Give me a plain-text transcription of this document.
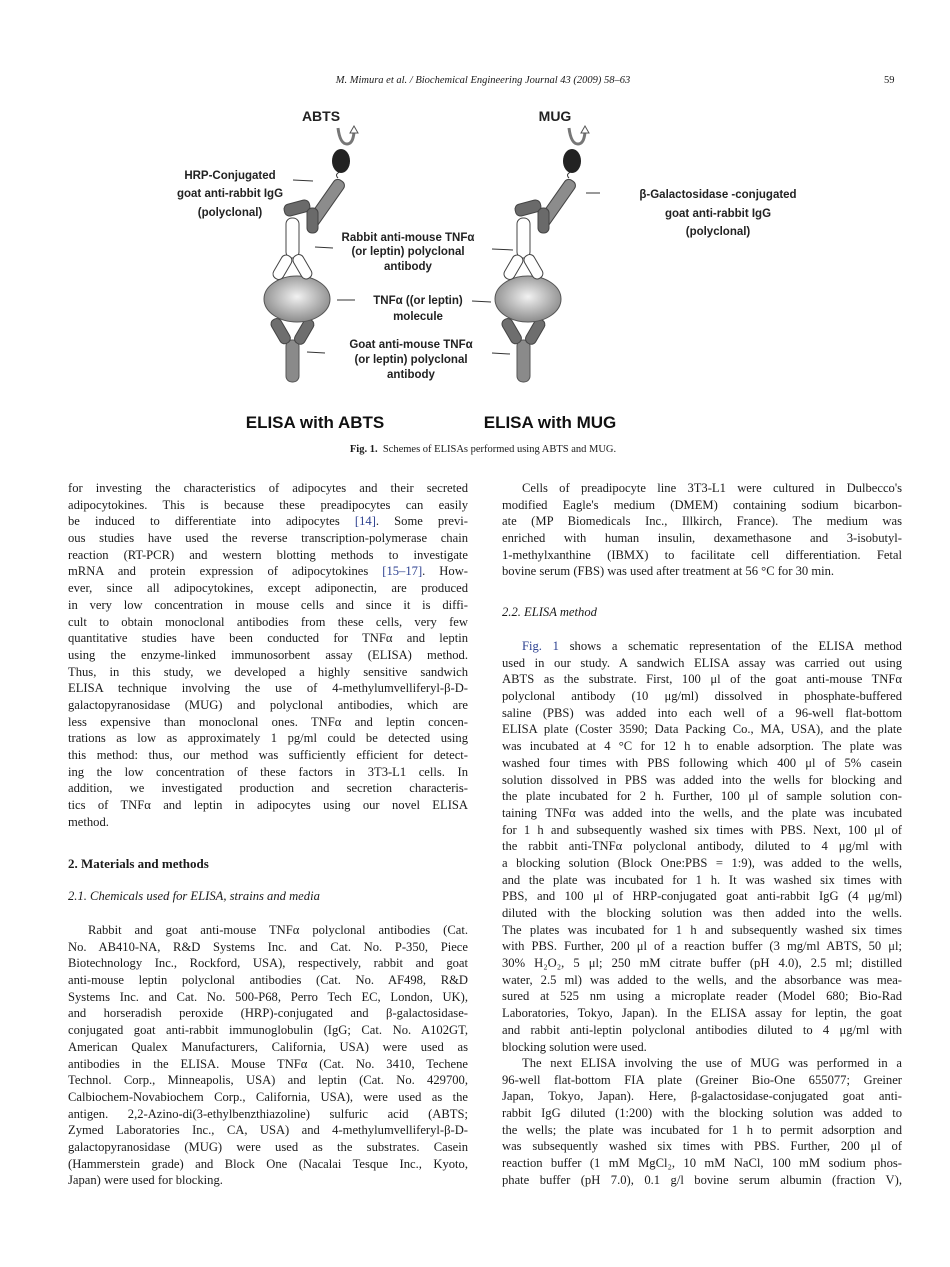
M. Mimura et al. / Biochemical Engineering Journal 43 (2009) 58–63	59
ABTS	MUG
HRP-Conjugated
goat anti-rabbit IgG
(polyclonal)
β-Galactosidase -conjugated
goat anti-rabbit IgG
(polyclonal)
Rabbit anti-mouse TNFα
(or leptin) polyclonal
antibody
TNFα ((or leptin)
molecule
Goat anti-mouse TNFα
(or leptin) polyclonal
antibody
ELISA with ABTS	ELISA with MUG
Fig. 1. Schemes of ELISAs performed using ABTS and MUG.
for investing the characteristics of adipocytes and their secreted
adipocytokines. This is because these preadipocytes can easily
be induced to differentiate into adipocytes [14]. Some previ-
ous studies have used the reverse transcription-polymerase chain
reaction (RT-PCR) and western blotting methods to investigate
mRNA and protein expression of adipocytokines [15–17]. How-
ever, since all adipocytokines, except adiponectin, are produced
in very low concentration in mouse cells and since it is diffi-
cult to obtain monoclonal antibodies from these cells, very few
quantitative studies have been conducted for TNFα and leptin
using the enzyme-linked immunosorbent assay (ELISA) method.
Thus, in this study, we developed a highly sensitive sandwich
ELISA technique involving the use of 4-methylumvelliferyl-β-D-
galactopyranosidase (MUG) and polyclonal antibodies, which are
less expensive than monoclonal ones. TNFα and leptin concen-
trations as low as approximately 1 pg/ml could be detected using
this method: thus, our method was sufficiently efficient for detect-
ing the low concentration of these factors in 3T3-L1 cells. In
addition, we investigated production and secretion characteris-
tics of TNFα and leptin in adipocytes using our novel ELISA
method.
2. Materials and methods
2.1. Chemicals used for ELISA, strains and media
Rabbit and goat anti-mouse TNFα polyclonal antibodies (Cat.
No. AB410-NA, R&D Systems Inc. and Cat. No. P-350, Piece
Biotechnology Inc., Rockford, USA), respectively, rabbit and goat
anti-mouse leptin polyclonal antibodies (Cat. No. AF498, R&D
Systems Inc. and Cat. No. 500-P68, Perro Tech EC, London, UK),
and horseradish peroxide (HRP)-conjugated and β-galactosidase-
conjugated goat anti-rabbit immunoglobulin (IgG; Cat. No. A102GT,
American Qualex Manufacturers, California, USA) were used as
antibodies in the ELISA. Mouse TNFα (Cat. No. 3410, Techene
Technol. Corp., Minneapolis, USA) and leptin (Cat. No. 429700,
Calbiochem-Novabiochem Corp., California, USA), were used as the
antigen. 2,2-Azino-di(3-ethylbenzthiazoline) sulfuric acid (ABTS;
Zymed Laboratories Inc., CA, USA) and 4-methylumvelliferyl-β-D-
galactopyranosidase (MUG) were used as the substrates. Casein
(Hammerstein grade) and Block One (Nacalai Tesque Inc., Kyoto,
Japan) were used for blocking.
Cells of preadipocyte line 3T3-L1 were cultured in Dulbecco's
modified Eagle's medium (DMEM) containing sodium bicarbon-
ate (MP Biomedicals Inc., Illkirch, France). The medium was
enriched with human insulin, dexamethasone and 3-isobutyl-
1-methylxanthine (IBMX) to facilitate cell differentiation. Fetal
bovine serum (FBS) was used after treatment at 56 °C for 30 min.
2.2. ELISA method
Fig. 1 shows a schematic representation of the ELISA method
used in our study. A sandwich ELISA assay was carried out using
ABTS as the substrate. First, 100 μl of the goat anti-mouse TNFα
polyclonal antibody (10 μg/ml) dissolved in phosphate-buffered
saline (PBS) was added into each well of a 96-well flat-bottom
ELISA plate (Coster 3590; Data Packing Co., MA, USA), and the plate
was incubated at 4 °C for 12 h to enable adsorption. The plate was
washed four times with PBS following which 400 μl of 5% casein
solution dissolved in PBS was added into the wells for blocking and
the plate incubated for 2 h. Further, 100 μl of sample solution con-
taining TNFα was added into the wells, and the plate was incubated
for 1 h and subsequently washed six times with PBS. Next, 100 μl of
the rabbit anti-TNFα polyclonal antibody, diluted to 4 μg/ml with
a blocking solution (Block One:PBS = 1:9), was added to the wells,
and the plate was incubated for 1 h. It was washed six times with
PBS, and 100 μl of HRP-conjugated goat anti-rabbit IgG (4 μg/ml)
diluted with the blocking solution was then added into the wells.
The plates was incubated for 1 h and subsequently washed six times
with PBS. Further, 200 μl of a reaction buffer (3 mg/ml ABTS, 50 μl;
30% H₂O₂, 5 μl; 250 mM citrate buffer (pH 4.0), 2.5 ml; distilled
water, 2.5 ml) was added to the wells, and the absorbance was mea-
sured at 525 nm using a microplate reader (Model 680; Bio-Rad
Laboratories, Tokyo, Japan). In the ELISA assay for leptin, the goat
and rabbit anti-leptin polyclonal antibodies diluted to 4 μg/ml with
blocking solution were used.
The next ELISA involving the use of MUG was performed in a
96-well flat-bottom FIA plate (Greiner Bio-One 655077; Greiner
Japan, Tokyo, Japan). Here, β-galactosidase-conjugated goat anti-
rabbit IgG diluted (1:200) with the blocking solution was added to
the wells; the plate was incubated for 1 h to permit adsorption and
was subsequently washed six times with PBS. Further, 200 μl of
reaction buffer (1 mM MgCl₂, 10 mM NaCl, 100 mM sodium phos-
phate buffer (pH 7.0), 0.1 g/l bovine serum albumin (fraction V),
